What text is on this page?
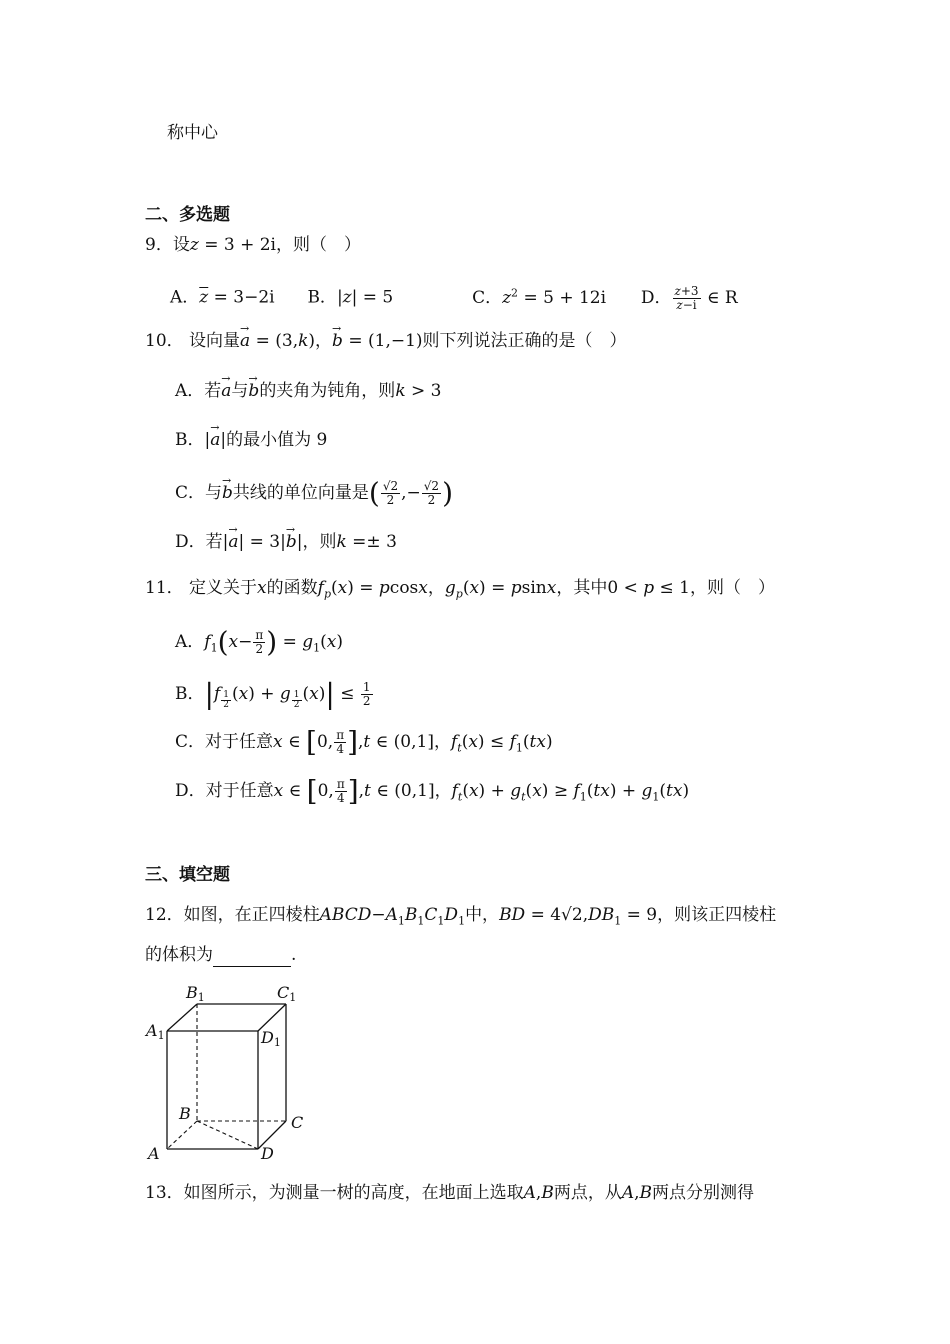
称中心
二、多选题
9．设z = 3 + 2i，则（　）
A．$\overline{z} = 3-2i$ B．|z| = 5	C．$z^2 = 5 + 12i$ D． $\frac{z+3}{z-i}$ ∈ R
10． 设向量→ a = (3,k)，→ b = (1,−1)则下列说法正确的是（　）
A．若→ a与→ b的夹角为钝角，则k > 3
B．|→ a|的最小值为 9
C．与→ b共线的单位向量是( $\frac{√2}{2}$ ,− $\frac{√2}{2}$ )
D．若|→ a| = 3|→ b|，则k =± 3
11． 定义关于x的函数$f_p(x) = pcosx$，$g_p(x) = psinx$，其中0 < p ≤ 1，则（　）
A．$f_1(x- \frac{\pi}{2}$ ) = $g_1(x)$
B．|f $_{\frac{1}{2}}$ (x) + g $_{\frac{1}{2}}$ $(x)| \le \frac{1}{2}$
C．对于任意x ∈ [0, $\frac{\pi}{4} ],t$ ∈ (0,1]，$f_t(x) \le f_1(tx)$
D．对于任意x ∈ [0, $\frac{\pi}{4} ],t$ ∈ (0,1]，$f_t(x) + g_t(x) \ge f_1(tx) + g_1(tx)$
三、填空题
12．如图，在正四棱柱$ABCD-A_1B_1C_1D_1$中，BD = $4√2,DB_1 = 9$，则该正四棱柱
的体积为	.
B1	C1
A1	D1
B	C
A	D
13．如图所示，为测量一树的高度，在地面上选取A,B两点，从A,B两点分别测得
